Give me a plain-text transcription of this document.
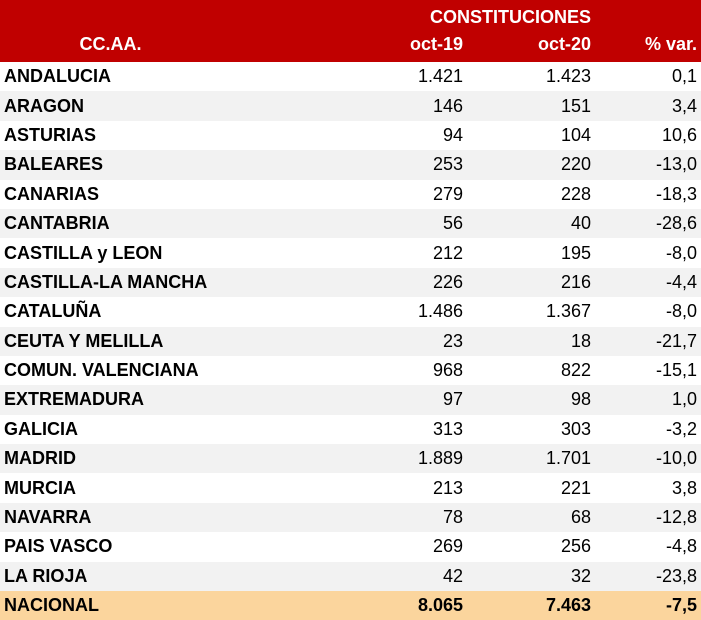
	CONSTITUCIONES		
CC.AA.	oct-19	oct-20	% var.
ANDALUCIA	1.421	1.423	0,1
ARAGON	146	151	3,4
ASTURIAS	94	104	10,6
BALEARES	253	220	-13,0
CANARIAS	279	228	-18,3
CANTABRIA	56	40	-28,6
CASTILLA y LEON	212	195	-8,0
CASTILLA-LA MANCHA	226	216	-4,4
CATALUÑA	1.486	1.367	-8,0
CEUTA Y MELILLA	23	18	-21,7
COMUN. VALENCIANA	968	822	-15,1
EXTREMADURA	97	98	1,0
GALICIA	313	303	-3,2
MADRID	1.889	1.701	-10,0
MURCIA	213	221	3,8
NAVARRA	78	68	-12,8
PAIS VASCO	269	256	-4,8
LA RIOJA	42	32	-23,8
NACIONAL	8.065	7.463	-7,5
